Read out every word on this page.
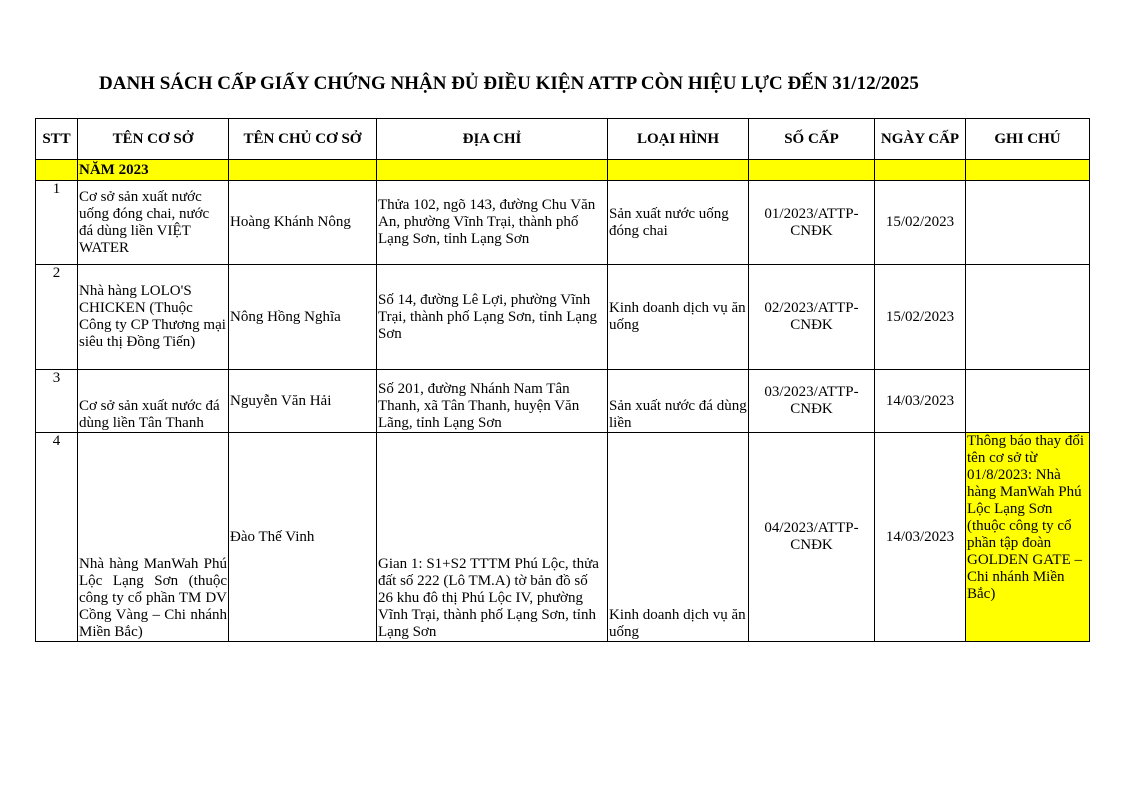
DANH SÁCH CẤP GIẤY CHỨNG NHẬN ĐỦ ĐIỀU KIỆN ATTP CÒN HIỆU LỰC ĐẾN 31/12/2025
STT	TÊN CƠ SỞ	TÊN CHỦ CƠ SỞ	ĐỊA CHỈ	LOẠI HÌNH	SỐ CẤP	NGÀY CẤP	GHI CHÚ
	NĂM 2023						
1	Cơ sở sản xuất nước uống đóng chai, nước đá dùng liền VIỆT WATER	Hoàng Khánh Nông	Thửa 102, ngõ 143, đường Chu Văn An, phường Vĩnh Trại, thành phố Lạng Sơn, tỉnh Lạng Sơn	Sản xuất nước uống đóng chai	01/2023/ATTP-CNĐK	15/02/2023	
2	Nhà hàng LOLO'S CHICKEN (Thuộc Công ty CP Thương mại siêu thị Đồng Tiến)	Nông Hồng Nghĩa	Số 14, đường Lê Lợi, phường Vĩnh Trại, thành phố Lạng Sơn, tỉnh Lạng Sơn	Kinh doanh dịch vụ ăn uống	02/2023/ATTP-CNĐK	15/02/2023	
3	Cơ sở sản xuất nước đá dùng liền Tân Thanh	Nguyễn Văn Hải	Số 201, đường Nhánh Nam Tân Thanh, xã Tân Thanh, huyện Văn Lãng, tỉnh Lạng Sơn	Sản xuất nước đá dùng liền	03/2023/ATTP-CNĐK	14/03/2023	
4	Nhà hàng ManWah Phú Lộc Lạng Sơn (thuộc công ty cổ phần TM DV Cồng Vàng – Chi nhánh Miền Bắc)	Đào Thế Vinh	Gian 1: S1+S2 TTTM Phú Lộc, thửa đất số 222 (Lô TM.A) tờ bản đồ số 26 khu đô thị Phú Lộc IV, phường Vĩnh Trại, thành phố Lạng Sơn, tỉnh Lạng Sơn	Kinh doanh dịch vụ ăn uống	04/2023/ATTP-CNĐK	14/03/2023	Thông báo thay đổi tên cơ sở từ 01/8/2023: Nhà hàng ManWah Phú Lộc Lạng Sơn (thuộc công ty cổ phần tập đoàn GOLDEN GATE – Chi nhánh Miền Bắc)
